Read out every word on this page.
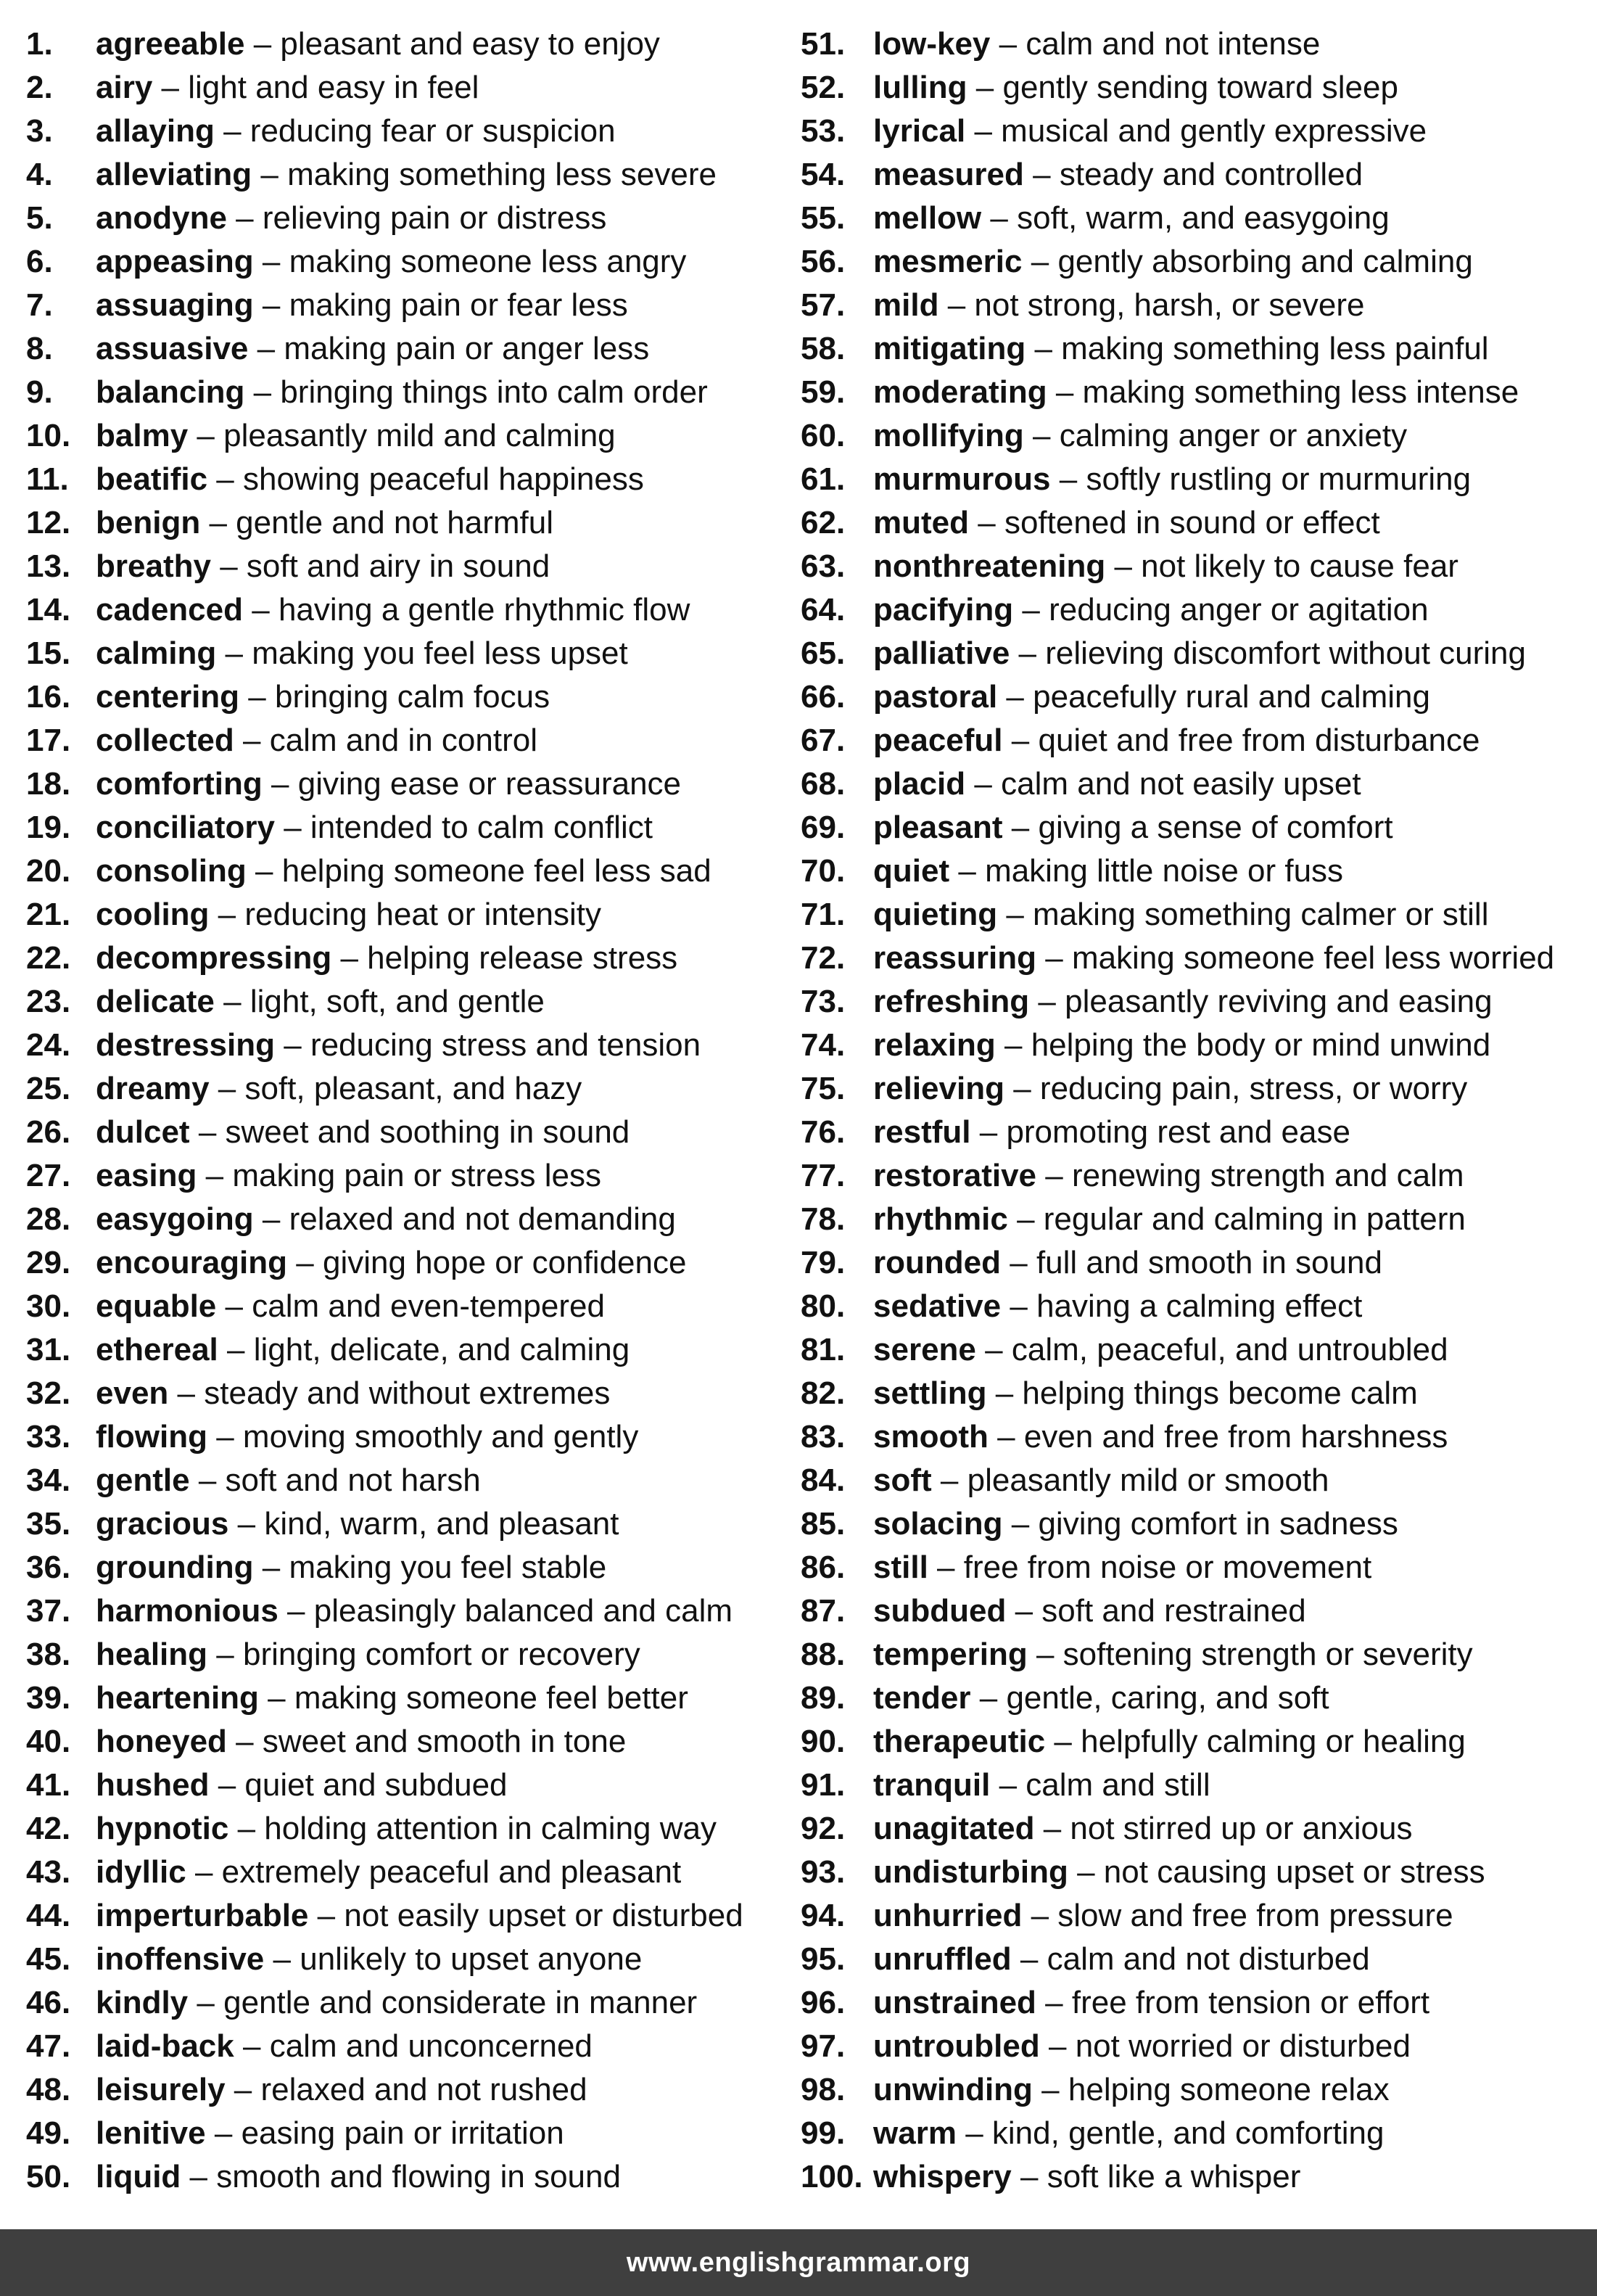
1. agreeable – pleasant and easy to enjoy
2. airy – light and easy in feel
3. allaying – reducing fear or suspicion
4. alleviating – making something less severe
5. anodyne – relieving pain or distress
6. appeasing – making someone less angry
7. assuaging – making pain or fear less
8. assuasive – making pain or anger less
9. balancing – bringing things into calm order
10. balmy – pleasantly mild and calming
11. beatific – showing peaceful happiness
12. benign – gentle and not harmful
13. breathy – soft and airy in sound
14. cadenced – having a gentle rhythmic flow
15. calming – making you feel less upset
16. centering – bringing calm focus
17. collected – calm and in control
18. comforting – giving ease or reassurance
19. conciliatory – intended to calm conflict
20. consoling – helping someone feel less sad
21. cooling – reducing heat or intensity
22. decompressing – helping release stress
23. delicate – light, soft, and gentle
24. destressing – reducing stress and tension
25. dreamy – soft, pleasant, and hazy
26. dulcet – sweet and soothing in sound
27. easing – making pain or stress less
28. easygoing – relaxed and not demanding
29. encouraging – giving hope or confidence
30. equable – calm and even-tempered
31. ethereal – light, delicate, and calming
32. even – steady and without extremes
33. flowing – moving smoothly and gently
34. gentle – soft and not harsh
35. gracious – kind, warm, and pleasant
36. grounding – making you feel stable
37. harmonious – pleasingly balanced and calm
38. healing – bringing comfort or recovery
39. heartening – making someone feel better
40. honeyed – sweet and smooth in tone
41. hushed – quiet and subdued
42. hypnotic – holding attention in calming way
43. idyllic – extremely peaceful and pleasant
44. imperturbable – not easily upset or disturbed
45. inoffensive – unlikely to upset anyone
46. kindly – gentle and considerate in manner
47. laid-back – calm and unconcerned
48. leisurely – relaxed and not rushed
49. lenitive – easing pain or irritation
50. liquid – smooth and flowing in sound
51. low-key – calm and not intense
52. lulling – gently sending toward sleep
53. lyrical – musical and gently expressive
54. measured – steady and controlled
55. mellow – soft, warm, and easygoing
56. mesmeric – gently absorbing and calming
57. mild – not strong, harsh, or severe
58. mitigating – making something less painful
59. moderating – making something less intense
60. mollifying – calming anger or anxiety
61. murmurous – softly rustling or murmuring
62. muted – softened in sound or effect
63. nonthreatening – not likely to cause fear
64. pacifying – reducing anger or agitation
65. palliative – relieving discomfort without curing
66. pastoral – peacefully rural and calming
67. peaceful – quiet and free from disturbance
68. placid – calm and not easily upset
69. pleasant – giving a sense of comfort
70. quiet – making little noise or fuss
71. quieting – making something calmer or still
72. reassuring – making someone feel less worried
73. refreshing – pleasantly reviving and easing
74. relaxing – helping the body or mind unwind
75. relieving – reducing pain, stress, or worry
76. restful – promoting rest and ease
77. restorative – renewing strength and calm
78. rhythmic – regular and calming in pattern
79. rounded – full and smooth in sound
80. sedative – having a calming effect
81. serene – calm, peaceful, and untroubled
82. settling – helping things become calm
83. smooth – even and free from harshness
84. soft – pleasantly mild or smooth
85. solacing – giving comfort in sadness
86. still – free from noise or movement
87. subdued – soft and restrained
88. tempering – softening strength or severity
89. tender – gentle, caring, and soft
90. therapeutic – helpfully calming or healing
91. tranquil – calm and still
92. unagitated – not stirred up or anxious
93. undisturbing – not causing upset or stress
94. unhurried – slow and free from pressure
95. unruffled – calm and not disturbed
96. unstrained – free from tension or effort
97. untroubled – not worried or disturbed
98. unwinding – helping someone relax
99. warm – kind, gentle, and comforting
100. whispery – soft like a whisper
www.englishgrammar.org
